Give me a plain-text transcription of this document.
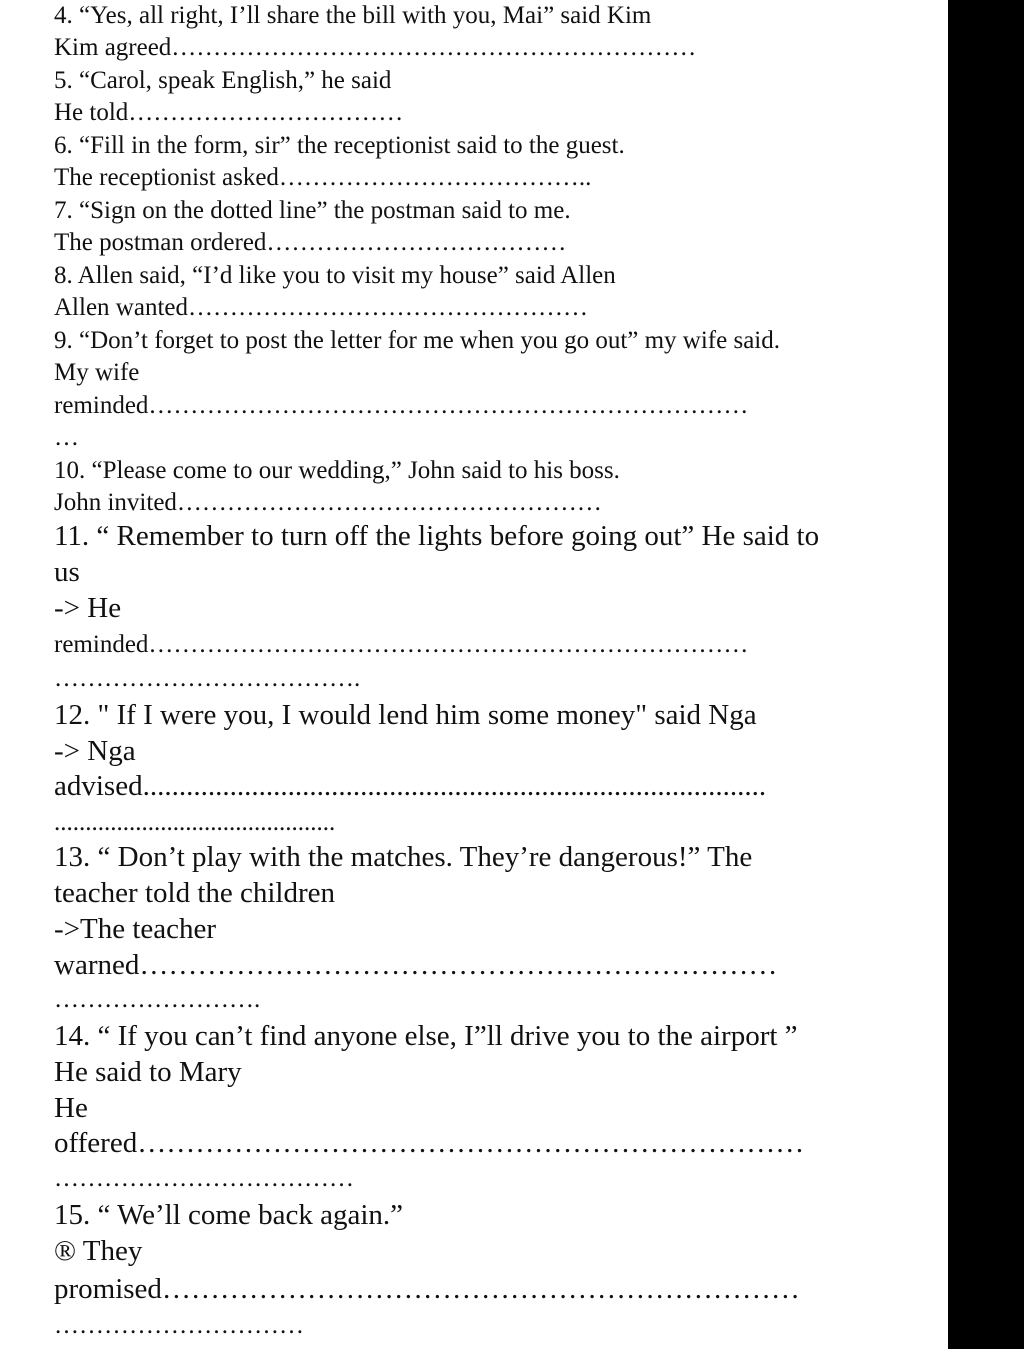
4. “Yes, all right, I’ll share the bill with you, Mai” said Kim
Kim agreed………………………………………………………
5. “Carol, speak English,” he said
He told……………………………
6. “Fill in the form, sir” the receptionist said to the guest.
The receptionist asked………………………………..
7. “Sign on the dotted line” the postman said to me.
The postman ordered………………………………
8. Allen said, “I’d like you to visit my house” said Allen
Allen wanted…………………………………………
9. “Don’t forget to post the letter for me when you go out” my wife said.
My wife
reminded………………………………………………………………
…
10. “Please come to our wedding,” John said to his boss.
John invited……………………………………………
11. “ Remember to turn off the lights before going out” He said to
us
-> He
reminded………………………………………………………………
……………………………….
12. " If I were you, I would lend him some money" said Nga
-> Nga
advised......................................................................................
.............................................
13. “ Don’t play with the matches. They’re dangerous!” The
teacher told the children
->The teacher
warned…………………………………………………………
…………………….
14. “ If you can’t find anyone else, I”ll drive you to the airport ”
He said to Mary
He
offered……………………………………………………………
………………………………
15. “ We’ll come back again.”
® They
promised…………………………………………………………
…………………………
